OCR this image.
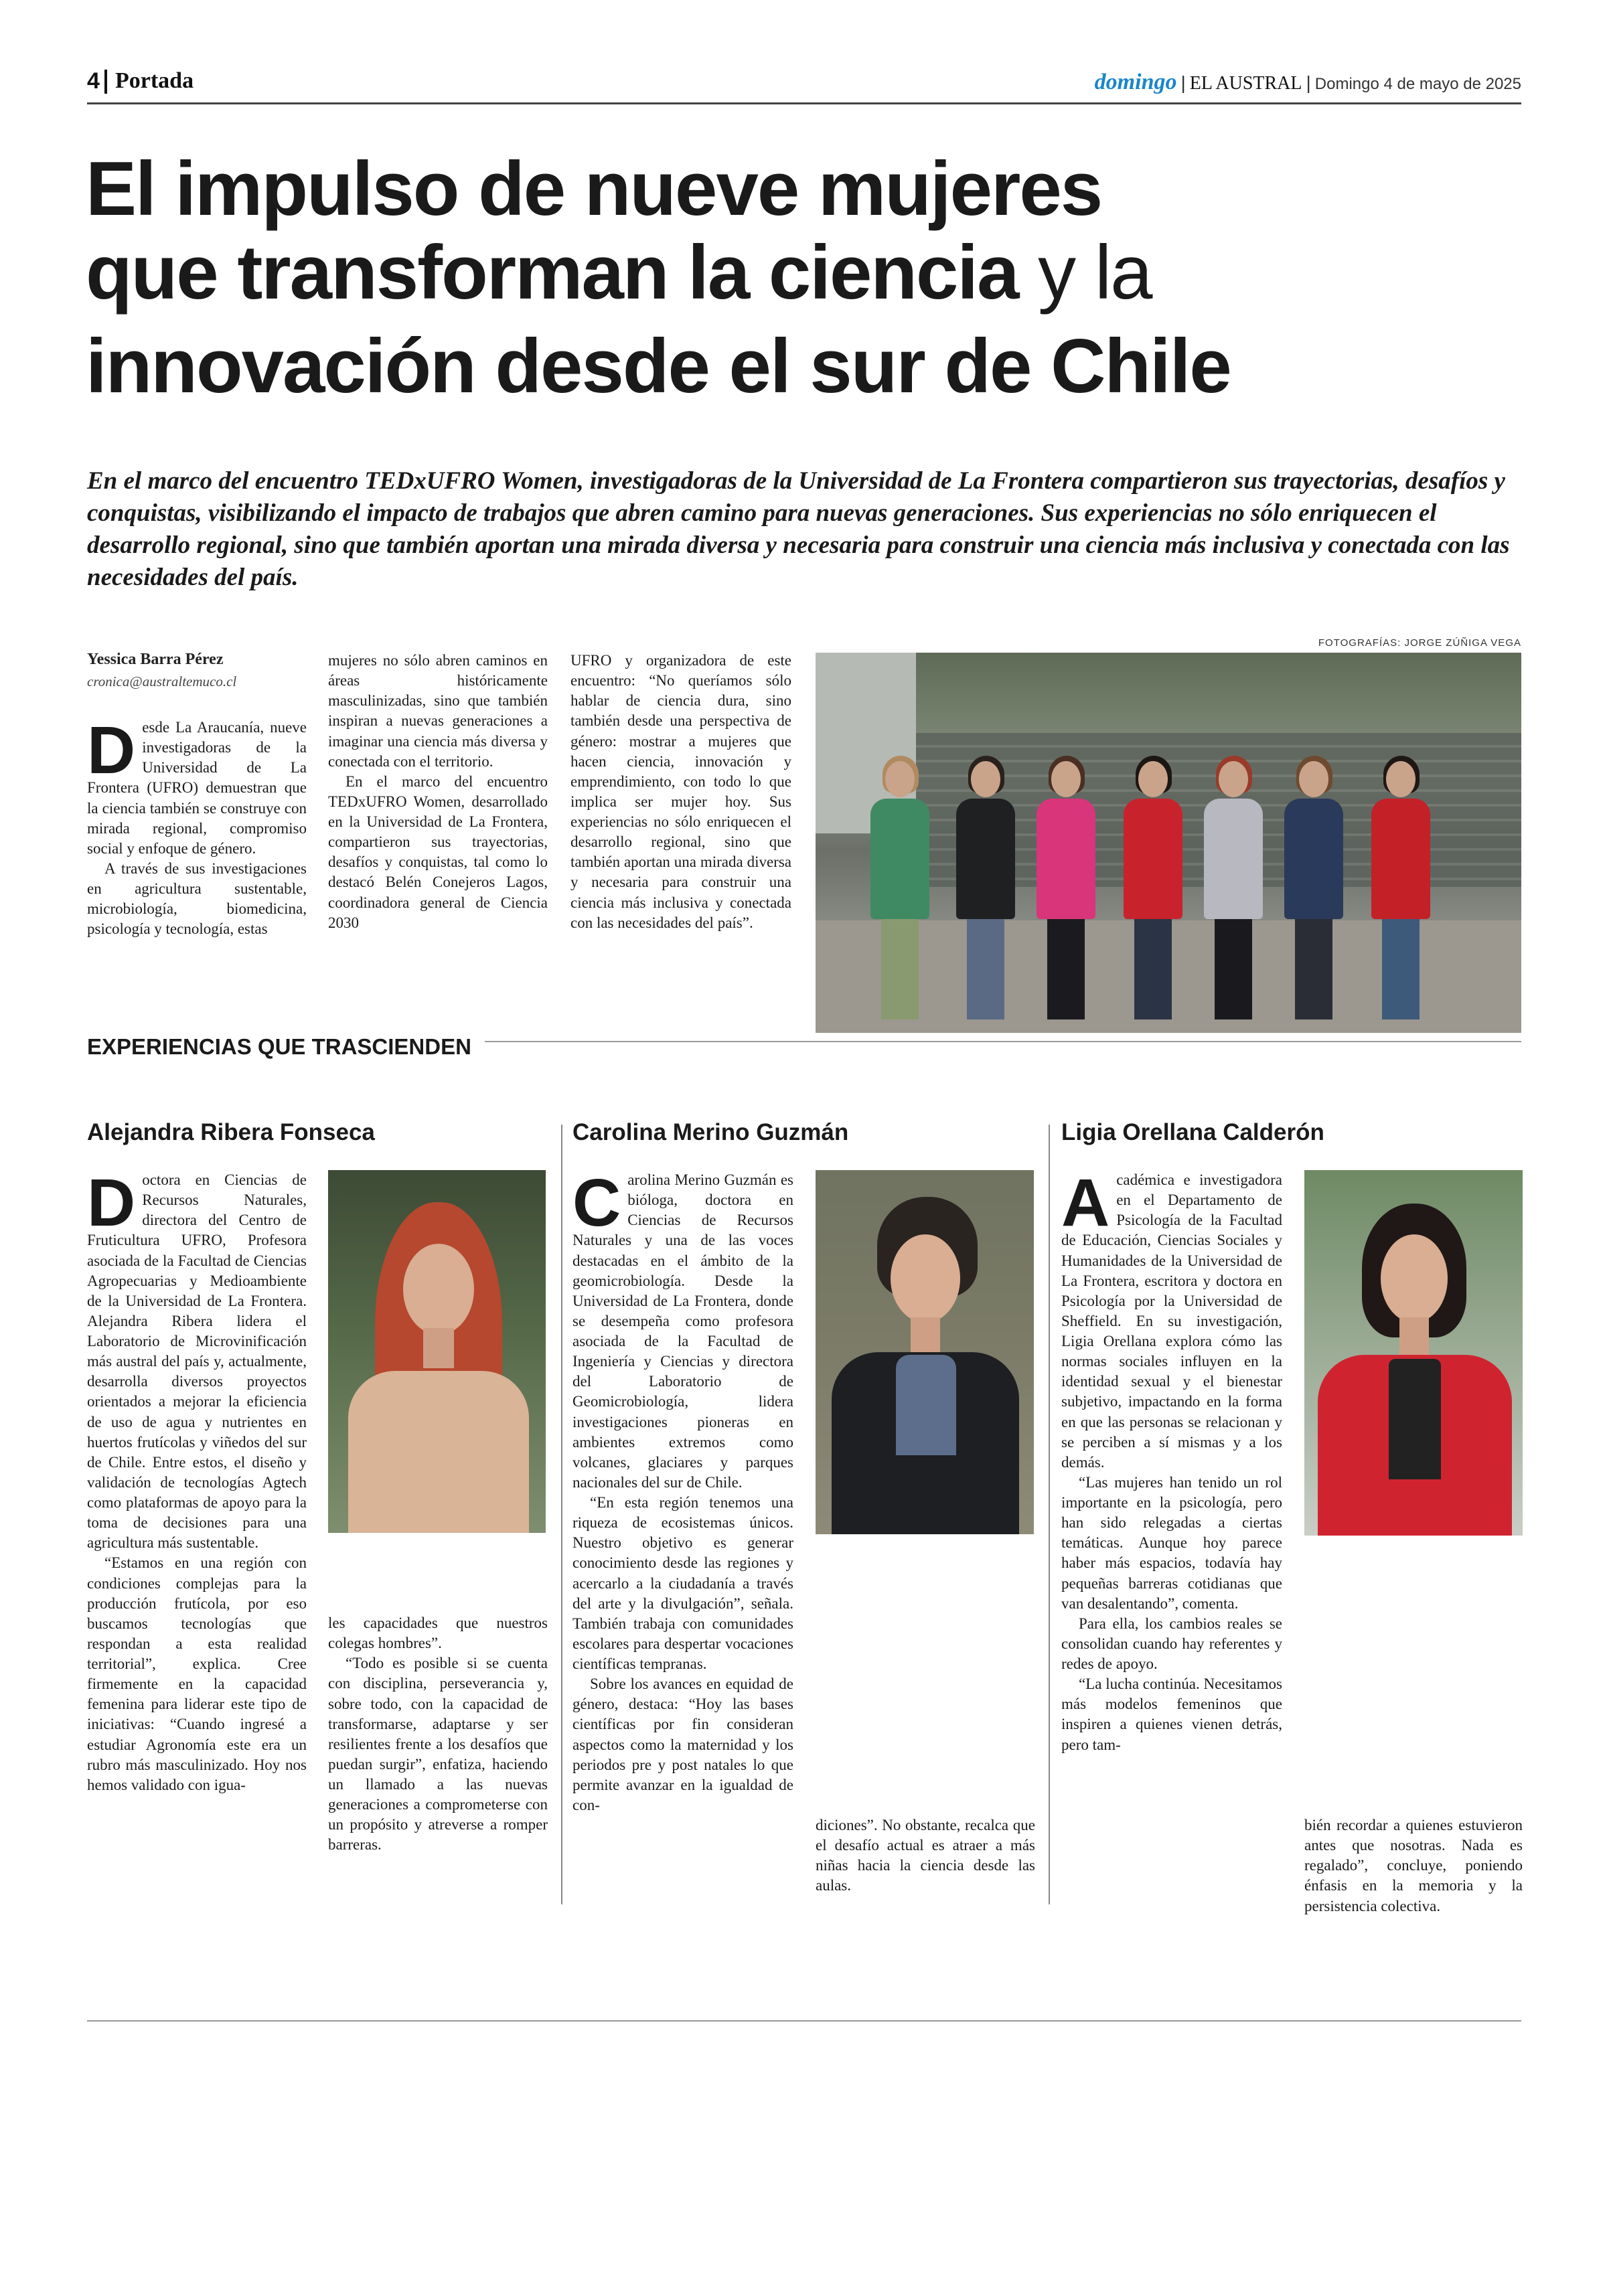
4 Portada	domingo | EL AUSTRAL | Domingo 4 de mayo de 2025
El impulso de nueve mujeres
que transforman la ciencia y la
innovación desde el sur de Chile
En el marco del encuentro TEDxUFRO Women, investigadoras de la Universidad de La Frontera compartieron sus trayectorias, desafíos y conquistas, visibilizando el impacto de trabajos que abren camino para nuevas generaciones. Sus experiencias no sólo enriquecen el desarrollo regional, sino que también aportan una mirada diversa y necesaria para construir una ciencia más inclusiva y conectada con las necesidades del país.
Yessica Barra Pérez
cronica@australtemuco.cl

Desde La Araucanía, nueve investigadoras de la Universidad de La Frontera (UFRO) demuestran que la ciencia también se construye con mirada regional, compromiso social y enfoque de género.

A través de sus investigaciones en agricultura sustentable, microbiología, biomedicina, psicología y tecnología, estas

mujeres no sólo abren caminos en áreas históricamente masculinizadas, sino que también inspiran a nuevas generaciones a imaginar una ciencia más diversa y conectada con el territorio.

En el marco del encuentro TEDxUFRO Women, desarrollado en la Universidad de La Frontera, compartieron sus trayectorias, desafíos y conquistas, tal como lo destacó Belén Conejeros Lagos, coordinadora general de Ciencia 2030

UFRO y organizadora de este encuentro: “No queríamos sólo hablar de ciencia dura, sino también desde una perspectiva de género: mostrar a mujeres que hacen ciencia, innovación y emprendimiento, con todo lo que implica ser mujer hoy. Sus experiencias no sólo enriquecen el desarrollo regional, sino que también aportan una mirada diversa y necesaria para construir una ciencia más inclusiva y conectada con las necesidades del país”.

FOTOGRAFÍAS: JORGE ZÚÑIGA VEGA
EXPERIENCIAS QUE TRASCIENDEN
Alejandra Ribera Fonseca	Carolina Merino Guzmán	Ligia Orellana Calderón

Doctora en Ciencias de Recursos Naturales, directora del Centro de Fruticultura UFRO, Profesora asociada de la Facultad de Ciencias Agropecuarias y Medioambiente de la Universidad de La Frontera. Alejandra Ribera lidera el Laboratorio de Microvinificación más austral del país y, actualmente, desarrolla diversos proyectos orientados a mejorar la eficiencia de uso de agua y nutrientes en huertos frutícolas y viñedos del sur de Chile. Entre estos, el diseño y validación de tecnologías Agtech como plataformas de apoyo para la toma de decisiones para una agricultura más sustentable.

“Estamos en una región con condiciones complejas para la producción frutícola, por eso buscamos tecnologías que respondan a esta realidad territorial”, explica. Cree firmemente en la capacidad femenina para liderar este tipo de iniciativas: “Cuando ingresé a estudiar Agronomía este era un rubro más masculinizado. Hoy nos hemos validado con igua-

les capacidades que nuestros colegas hombres”.

“Todo es posible si se cuenta con disciplina, perseverancia y, sobre todo, con la capacidad de transformarse, adaptarse y ser resilientes frente a los desafíos que puedan surgir”, enfatiza, haciendo un llamado a las nuevas generaciones a comprometerse con un propósito y atreverse a romper barreras.

Carolina Merino Guzmán es bióloga, doctora en Ciencias de Recursos Naturales y una de las voces destacadas en el ámbito de la geomicrobiología. Desde la Universidad de La Frontera, donde se desempeña como profesora asociada de la Facultad de Ingeniería y Ciencias y directora del Laboratorio de Geomicrobiología, lidera investigaciones pioneras en ambientes extremos como volcanes, glaciares y parques nacionales del sur de Chile.

“En esta región tenemos una riqueza de ecosistemas únicos. Nuestro objetivo es generar conocimiento desde las regiones y acercarlo a la ciudadanía a través del arte y la divulgación”, señala. También trabaja con comunidades escolares para despertar vocaciones científicas tempranas.

Sobre los avances en equidad de género, destaca: “Hoy las bases científicas por fin consideran aspectos como la maternidad y los periodos pre y post natales lo que permite avanzar en la igualdad de con-

diciones”. No obstante, recalca que el desafío actual es atraer a más niñas hacia la ciencia desde las aulas.

Académica e investigadora en el Departamento de Psicología de la Facultad de Educación, Ciencias Sociales y Humanidades de la Universidad de La Frontera, escritora y doctora en Psicología por la Universidad de Sheffield. En su investigación, Ligia Orellana explora cómo las normas sociales influyen en la identidad sexual y el bienestar subjetivo, impactando en la forma en que las personas se relacionan y se perciben a sí mismas y a los demás.

“Las mujeres han tenido un rol importante en la psicología, pero han sido relegadas a ciertas temáticas. Aunque hoy parece haber más espacios, todavía hay pequeñas barreras cotidianas que van desalentando”, comenta.

Para ella, los cambios reales se consolidan cuando hay referentes y redes de apoyo.

“La lucha continúa. Necesitamos más modelos femeninos que inspiren a quienes vienen detrás, pero tam-

bién recordar a quienes estuvieron antes que nosotras. Nada es regalado”, concluye, poniendo énfasis en la memoria y la persistencia colectiva.
